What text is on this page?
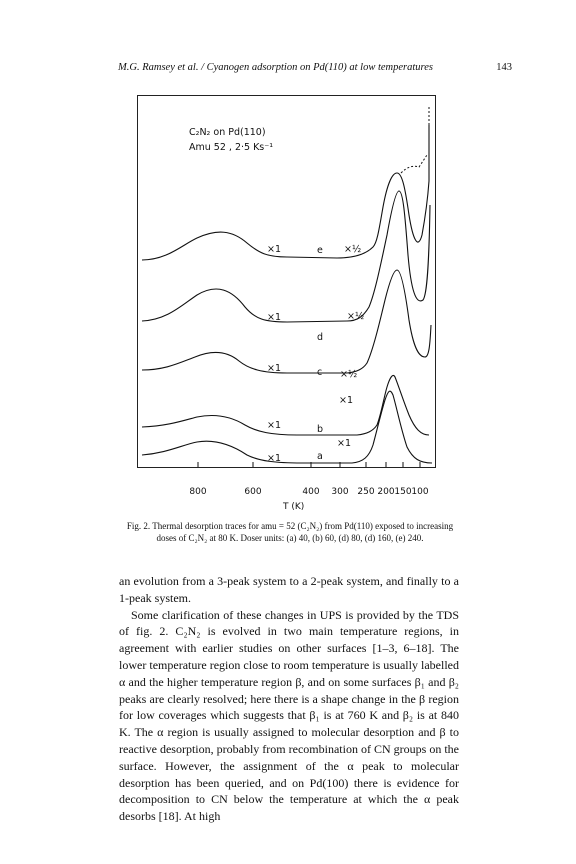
M.G. Ramsey et al. / Cyanogen adsorption on Pd(110) at low temperatures	143
C₂N₂ on Pd(110)
Amu 52 , 2·5 Ks⁻¹
e
d
c
b
a
×1
×1
×1
×1
×1
×½
×½
×½
×1
×1
800	600	400 300 250 200 150 100
T (K)
Fig. 2. Thermal desorption traces for amu = 52 (C₂N₂) from Pd(110) exposed to increasing doses of C₂N₂ at 80 K. Doser units: (a) 40, (b) 60, (d) 80, (d) 160, (e) 240.

an evolution from a 3-peak system to a 2-peak system, and finally to a 1-peak system.

Some clarification of these changes in UPS is provided by the TDS of fig. 2. C₂N₂ is evolved in two main temperature regions, in agreement with earlier studies on other surfaces [1–3, 6–18]. The lower temperature region close to room temperature is usually labelled α and the higher temperature region β, and on some surfaces β₁ and β₂ peaks are clearly resolved; here there is a shape change in the β region for low coverages which suggests that β₁ is at 760 K and β₂ is at 840 K. The α region is usually assigned to molecular desorption and β to reactive desorption, probably from recombination of CN groups on the surface. However, the assignment of the α peak to molecular desorption has been queried, and on Pd(100) there is evidence for decomposition to CN below the temperature at which the α peak desorbs [18]. At high
